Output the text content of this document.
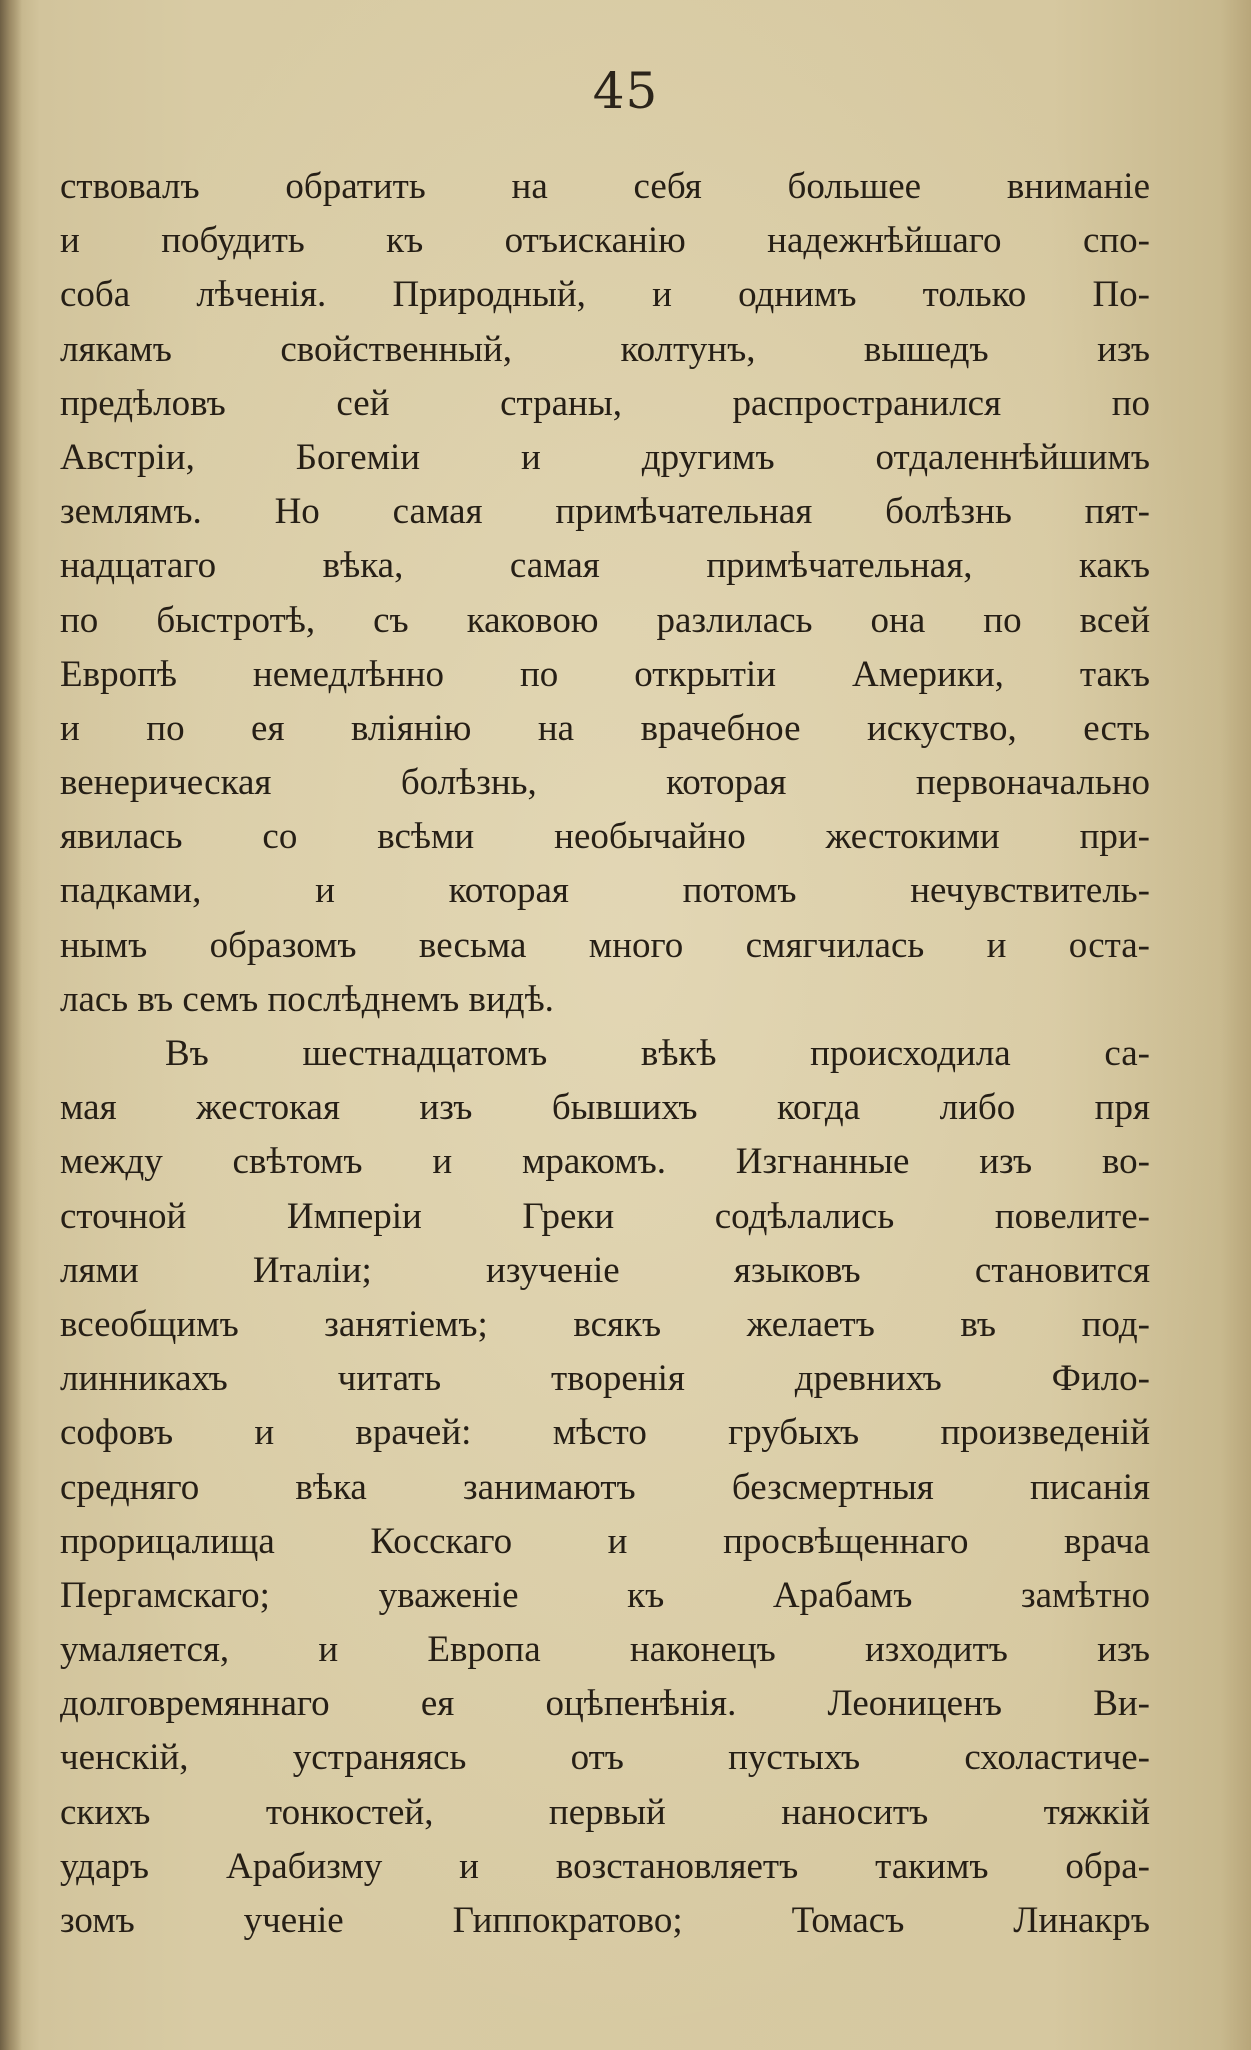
45
ствовалъ обратить на себя большее вниманіе
и побудить къ отъисканію надежнѣйшаго спо-
соба лѣченія. Природный, и однимъ только По-
лякамъ свойственный, колтунъ, вышедъ изъ
предѣловъ сей страны, распространился по
Австріи, Богеміи и другимъ отдаленнѣйшимъ
землямъ. Но самая примѣчательная болѣзнь пят-
надцатаго вѣка, самая примѣчательная, какъ
по быстротѣ, съ каковою разлилась она по всей
Европѣ немедлѣнно по открытіи Америки, такъ
и по ея вліянію на врачебное искуство, есть
венерическая болѣзнь, которая первоначально
явилась со всѣми необычайно жестокими при-
падками, и которая потомъ нечувствитель-
нымъ образомъ весьма много смягчилась и оста-
лась въ семъ послѣднемъ видѣ.
Въ шестнадцатомъ вѣкѣ происходила са-
мая жестокая изъ бывшихъ когда либо пря
между свѣтомъ и мракомъ. Изгнанные изъ во-
сточной Имперіи Греки содѣлались повелите-
лями Италіи; изученіе языковъ становится
всеобщимъ занятіемъ; всякъ желаетъ въ под-
линникахъ читать творенія древнихъ Фило-
софовъ и врачей: мѣсто грубыхъ произведеній
средняго вѣка занимаютъ безсмертныя писанія
прорицалища Косскаго и просвѣщеннаго врача
Пергамскаго; уваженіе къ Арабамъ замѣтно
умаляется, и Европа наконецъ изходитъ изъ
долговремяннаго ея оцѣпенѣнія. Леониценъ Ви-
ченскій, устраняясь отъ пустыхъ схоластиче-
скихъ тонкостей, первый наноситъ тяжкій
ударъ Арабизму и возстановляетъ такимъ обра-
зомъ ученіе Гиппократово; Томасъ Линакръ
